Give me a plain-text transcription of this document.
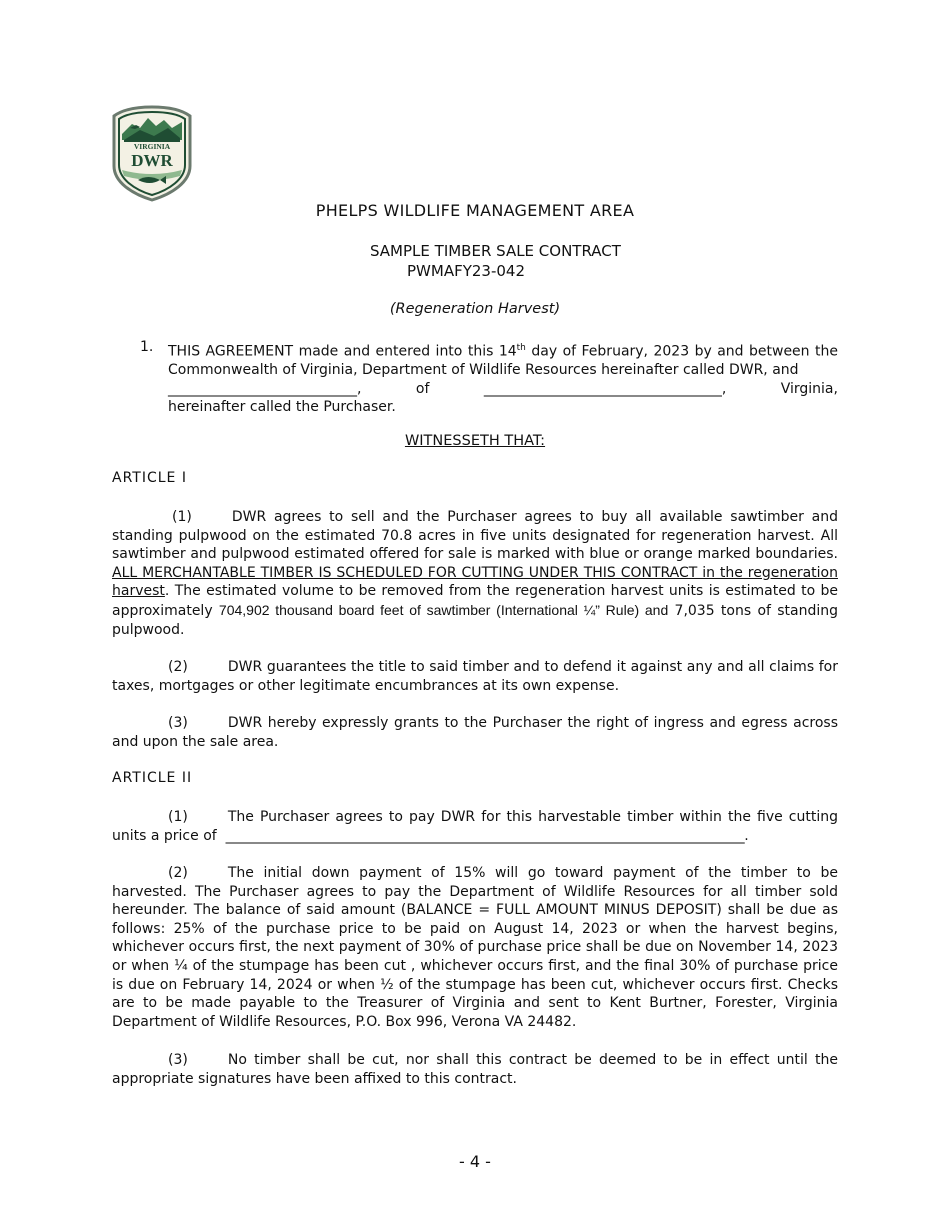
VIRGINIA
DWR
PHELPS WILDLIFE MANAGEMENT AREA
SAMPLE TIMBER SALE CONTRACT
PWMAFY23-042
(Regeneration Harvest)
1. THIS AGREEMENT made and entered into this 14th day of February, 2023 by and between the Commonwealth of Virginia, Department of Wildlife Resources hereinafter called DWR, and

___________________________,	of	__________________________________,	Virginia,

hereinafter called the Purchaser.

WITNESSETH THAT:
ARTICLE I

(1)	DWR agrees to sell and the Purchaser agrees to buy all available sawtimber and standing pulpwood on the estimated 70.8 acres in five units designated for regeneration harvest. All sawtimber and pulpwood estimated offered for sale is marked with blue or orange marked boundaries. ALL MERCHANTABLE TIMBER IS SCHEDULED FOR CUTTING UNDER THIS CONTRACT in the regeneration harvest. The estimated volume to be removed from the regeneration harvest units is estimated to be approximately 704,902 thousand board feet of sawtimber (International ¼” Rule) and 7,035 tons of standing pulpwood.

(2)	DWR guarantees the title to said timber and to defend it against any and all claims for taxes, mortgages or other legitimate encumbrances at its own expense.

(3)	DWR hereby expressly grants to the Purchaser the right of ingress and egress across and upon the sale area.

ARTICLE II

(1)	The Purchaser agrees to pay DWR for this harvestable timber within the five cutting units a price of ______________________________________________________________________________.

(2)	The initial down payment of 15% will go toward payment of the timber to be harvested. The Purchaser agrees to pay the Department of Wildlife Resources for all timber sold hereunder. The balance of said amount (BALANCE = FULL AMOUNT MINUS DEPOSIT) shall be due as follows: 25% of the purchase price to be paid on August 14, 2023 or when the harvest begins, whichever occurs first, the next payment of 30% of purchase price shall be due on November 14, 2023 or when ¼ of the stumpage has been cut , whichever occurs first, and the final 30% of purchase price is due on February 14, 2024 or when ½ of the stumpage has been cut, whichever occurs first. Checks are to be made payable to the Treasurer of Virginia and sent to Kent Burtner, Forester, Virginia Department of Wildlife Resources, P.O. Box 996, Verona VA 24482.

(3)	No timber shall be cut, nor shall this contract be deemed to be in effect until the appropriate signatures have been affixed to this contract.

- 4 -
